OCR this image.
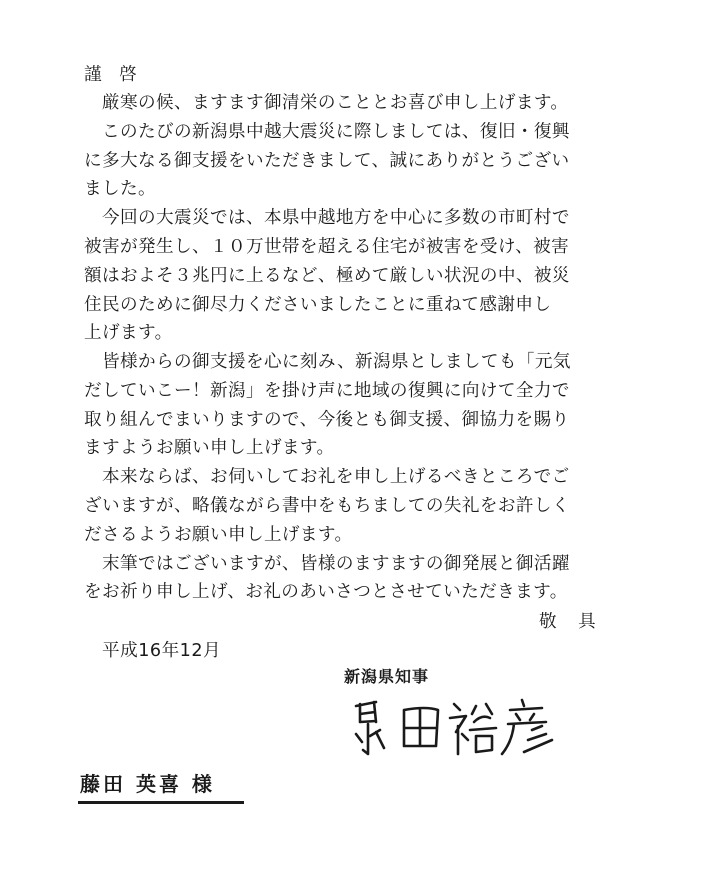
謹 啓
　厳寒の候、ますます御清栄のこととお喜び申し上げます。
　このたびの新潟県中越大震災に際しましては、復旧・復興
に多大なる御支援をいただきまして、誠にありがとうござい
ました。
　今回の大震災では、本県中越地方を中心に多数の市町村で
被害が発生し、１０万世帯を超える住宅が被害を受け、被害
額はおよそ３兆円に上るなど、極めて厳しい状況の中、被災
住民のために御尽力くださいましたことに重ねて感謝申し
上げます。
　皆様からの御支援を心に刻み、新潟県としましても「元気
だしていこー！新潟」を掛け声に地域の復興に向けて全力で
取り組んでまいりますので、今後とも御支援、御協力を賜り
ますようお願い申し上げます。
　本来ならば、お伺いしてお礼を申し上げるべきところでご
ざいますが、略儀ながら書中をもちましての失礼をお許しく
ださるようお願い申し上げます。
　末筆ではございますが、皆様のますますの御発展と御活躍
をお祈り申し上げ、お礼のあいさつとさせていただきます。
敬 具
平成16年12月
新潟県知事
藤田 英喜 様
